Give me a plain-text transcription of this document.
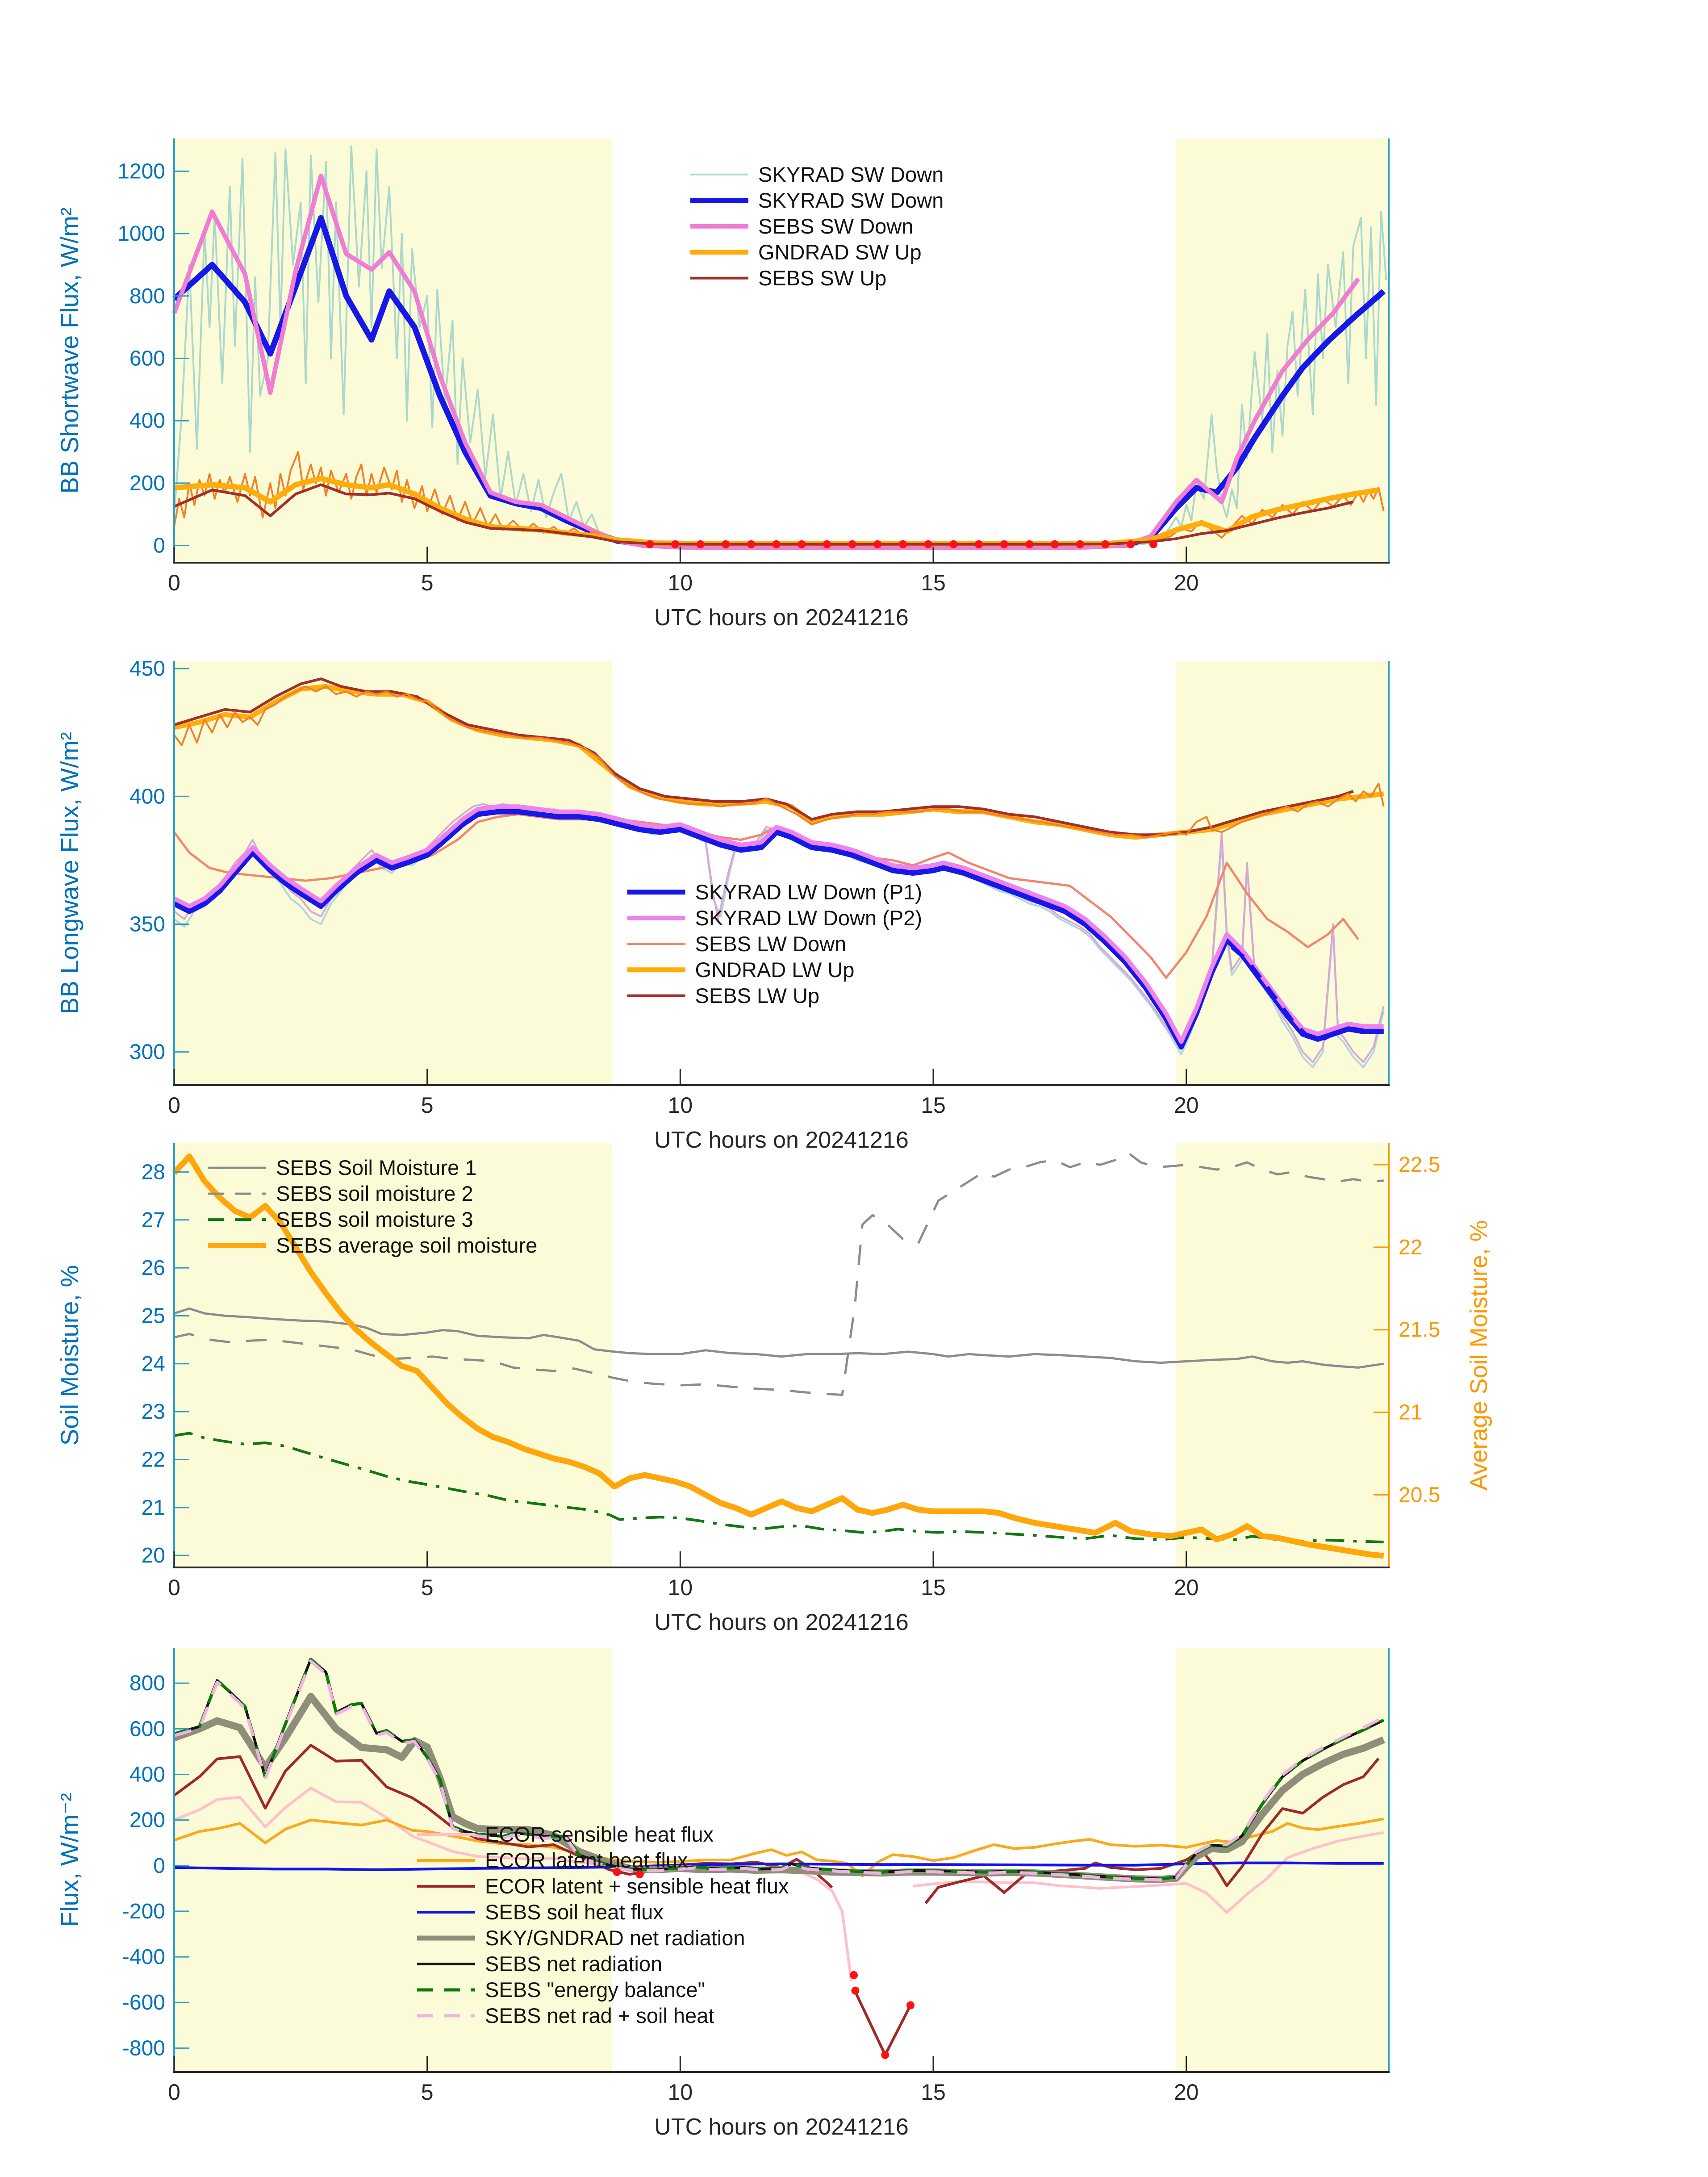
0
200
400
600
800
1000
1200
0	5	10	15	20
BB Shortwave Flux, W/m²
UTC hours on 20241216
SKYRAD SW Down
SKYRAD SW Down
SEBS SW Down
GNDRAD SW Up
SEBS SW Up
300
350
400
450
0	5	10	15	20
BB Longwave Flux, W/m²
UTC hours on 20241216
SKYRAD LW Down (P1)
SKYRAD LW Down (P2)
SEBS LW Down
GNDRAD LW Up
SEBS LW Up
20
21
22
23
24
25
26
27
28
20.5
21
21.5
22
22.5
Average Soil Moisture, %
0	5	10	15	20
Soil Moisture, %
UTC hours on 20241216
SEBS Soil Moisture 1
SEBS soil moisture 2
SEBS soil moisture 3
SEBS average soil moisture
-800
-600
-400
-200
0
200
400
600
800
0	5	10	15	20
Flux, W/m⁻²
UTC hours on 20241216
ECOR sensible heat flux
ECOR latent heat flux
ECOR latent + sensible heat flux
SEBS soil heat flux
SKY/GNDRAD net radiation
SEBS net radiation
SEBS "energy balance"
SEBS net rad + soil heat
